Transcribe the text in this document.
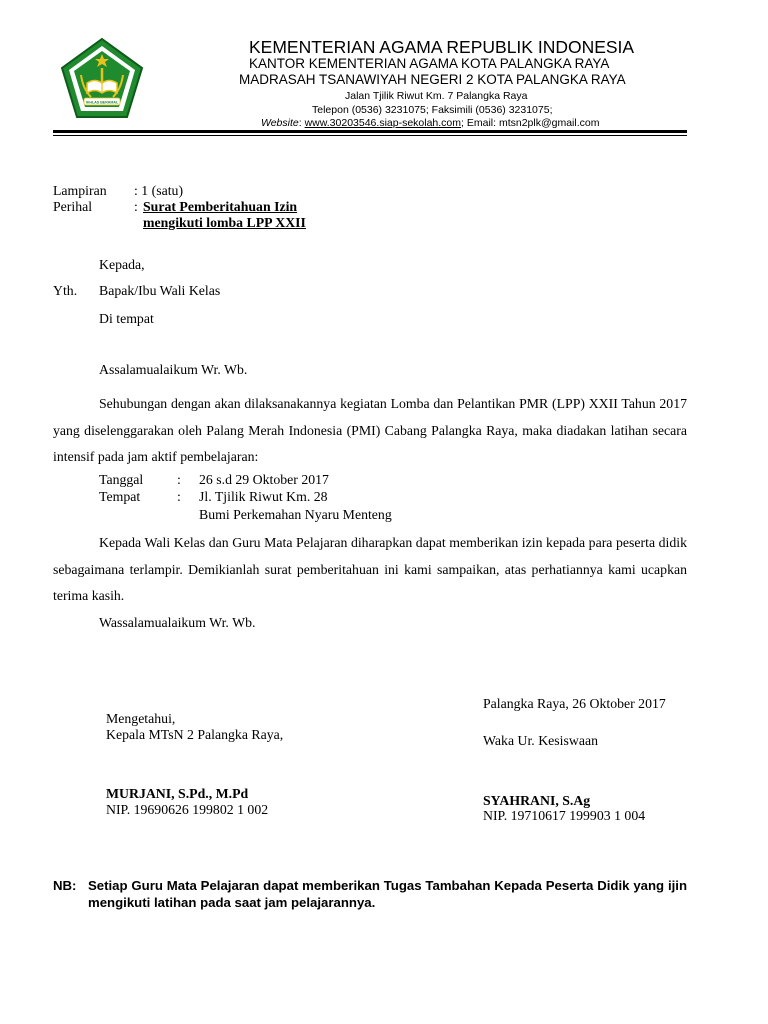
IKHLAS BERAMAL
KEMENTERIAN AGAMA REPUBLIK INDONESIA
KANTOR KEMENTERIAN AGAMA KOTA PALANGKA RAYA
MADRASAH TSANAWIYAH NEGERI 2 KOTA PALANGKA RAYA
Jalan Tjilik Riwut Km. 7 Palangka Raya
Telepon (0536) 3231075; Faksimili (0536) 3231075;
Website: www.30203546.siap-sekolah.com; Email: mtsn2plk@gmail.com
Lampiran : 1 (satu)
Perihal	: Surat Pemberitahuan Izin
mengikuti lomba LPP XXII
Kepada,
Yth. Bapak/Ibu Wali Kelas
Di tempat
Assalamualaikum Wr. Wb.
Sehubungan dengan akan dilaksanakannya kegiatan Lomba dan Pelantikan PMR (LPP) XXII Tahun 2017 yang diselenggarakan oleh Palang Merah Indonesia (PMI) Cabang Palangka Raya, maka diadakan latihan secara intensif pada jam aktif pembelajaran:
Tanggal : 26 s.d 29 Oktober 2017
Tempat	: Jl. Tjilik Riwut Km. 28
Bumi Perkemahan Nyaru Menteng
Kepada Wali Kelas dan Guru Mata Pelajaran diharapkan dapat memberikan izin kepada para peserta didik sebagaimana terlampir. Demikianlah surat pemberitahuan ini kami sampaikan, atas perhatiannya kami ucapkan terima kasih.
Wassalamualaikum Wr. Wb.
Palangka Raya, 26 Oktober 2017
Mengetahui,
Kepala MTsN 2 Palangka Raya,	Waka Ur. Kesiswaan
MURJANI, S.Pd., M.Pd
NIP. 19690626 199802 1 002
SYAHRANI, S.Ag
NIP. 19710617 199903 1 004
NB: Setiap Guru Mata Pelajaran dapat memberikan Tugas Tambahan Kepada Peserta Didik yang ijin mengikuti latihan pada saat jam pelajarannya.
